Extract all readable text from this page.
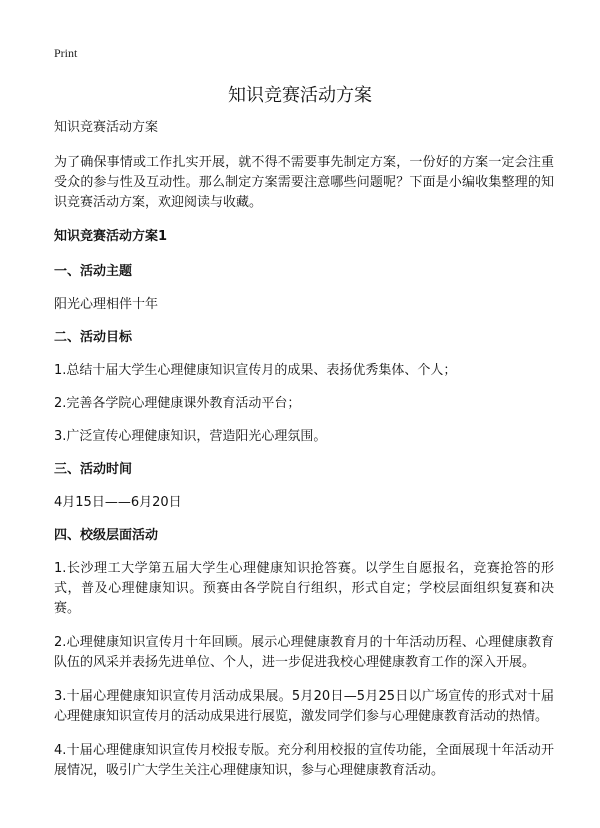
Print
知识竞赛活动方案

知识竞赛活动方案

为了确保事情或工作扎实开展，就不得不需要事先制定方案，一份好的方案一定会注重受众的参与性及互动性。那么制定方案需要注意哪些问题呢？下面是小编收集整理的知识竞赛活动方案，欢迎阅读与收藏。

知识竞赛活动方案1

一、活动主题

阳光心理相伴十年

二、活动目标

1.总结十届大学生心理健康知识宣传月的成果、表扬优秀集体、个人；

2.完善各学院心理健康课外教育活动平台；

3.广泛宣传心理健康知识，营造阳光心理氛围。

三、活动时间

4月15日——6月20日

四、校级层面活动

1.长沙理工大学第五届大学生心理健康知识抢答赛。以学生自愿报名，竞赛抢答的形式，普及心理健康知识。预赛由各学院自行组织，形式自定；学校层面组织复赛和决赛。

2.心理健康知识宣传月十年回顾。展示心理健康教育月的十年活动历程、心理健康教育队伍的风采并表扬先进单位、个人，进一步促进我校心理健康教育工作的深入开展。

3.十届心理健康知识宣传月活动成果展。5月20日—5月25日以广场宣传的形式对十届心理健康知识宣传月的活动成果进行展览，激发同学们参与心理健康教育活动的热情。

4.十届心理健康知识宣传月校报专版。充分利用校报的宣传功能，全面展现十年活动开展情况，吸引广大学生关注心理健康知识，参与心理健康教育活动。
